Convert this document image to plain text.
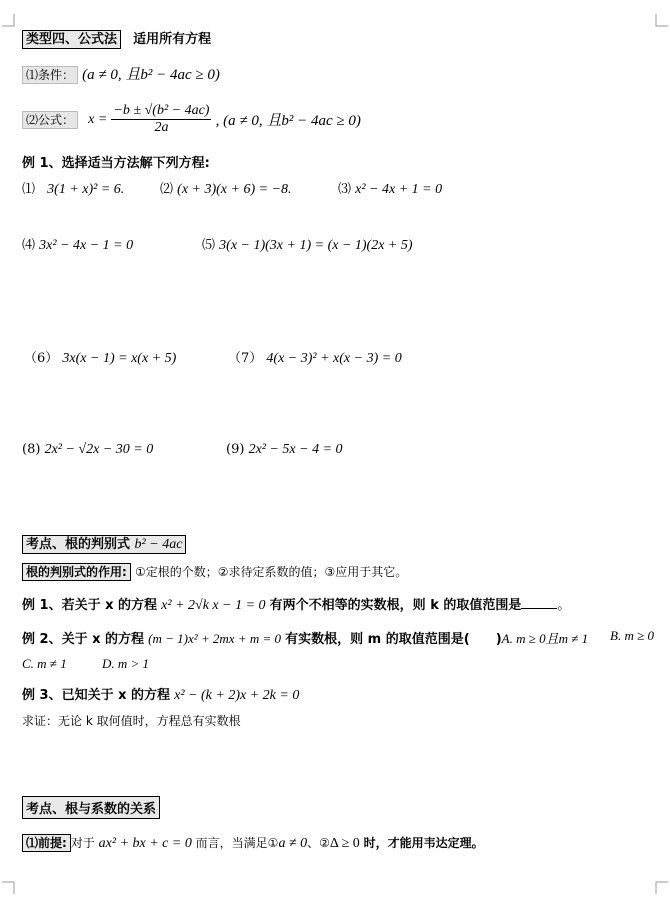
类型四、公式法 适用所有方程
⑴条件： (a ≠ 0, 且b² − 4ac ≥ 0)
⑵公式： $x = \frac{\text{−b ± √(b² − 4ac)}}{2a}$ , (a ≠ 0, 且b² − 4ac ≥ 0)
例 1、选择适当方法解下列方程:
⑴ 3(1 + x)² = 6.	⑵ (x + 3)(x + 6) = −8.	⑶ x² − 4x + 1 = 0
⑷ 3x² − 4x − 1 = 0	⑸ 3(x − 1)(3x + 1) = (x − 1)(2x + 5)
（6） 3x(x − 1) = x(x + 5)	（7） 4(x − 3)² + x(x − 3) = 0
(8) 2x² − √2x − 30 = 0	(9) 2x² − 5x − 4 = 0
考点、根的判别式 b² − 4ac
根的判别式的作用: ①定根的个数；②求待定系数的值；③应用于其它。
例 1、若关于 x 的方程 x² + 2√k x − 1 = 0 有两个不相等的实数根，则 k 的取值范围是	。
例 2、关于 x 的方程 (m − 1)x² + 2mx + m = 0 有实数根，则 m 的取值范围是(　　)A. m ≥ 0且m ≠ 1 B. m ≥ 0
C. m ≠ 1	D. m > 1
例 3、已知关于 x 的方程 x² − (k + 2)x + 2k = 0
求证：无论 k 取何值时，方程总有实数根
考点、根与系数的关系
⑴前提: 对于 ax² + bx + c = 0 而言，当满足①a ≠ 0、②Δ ≥ 0 时，才能用韦达定理。
